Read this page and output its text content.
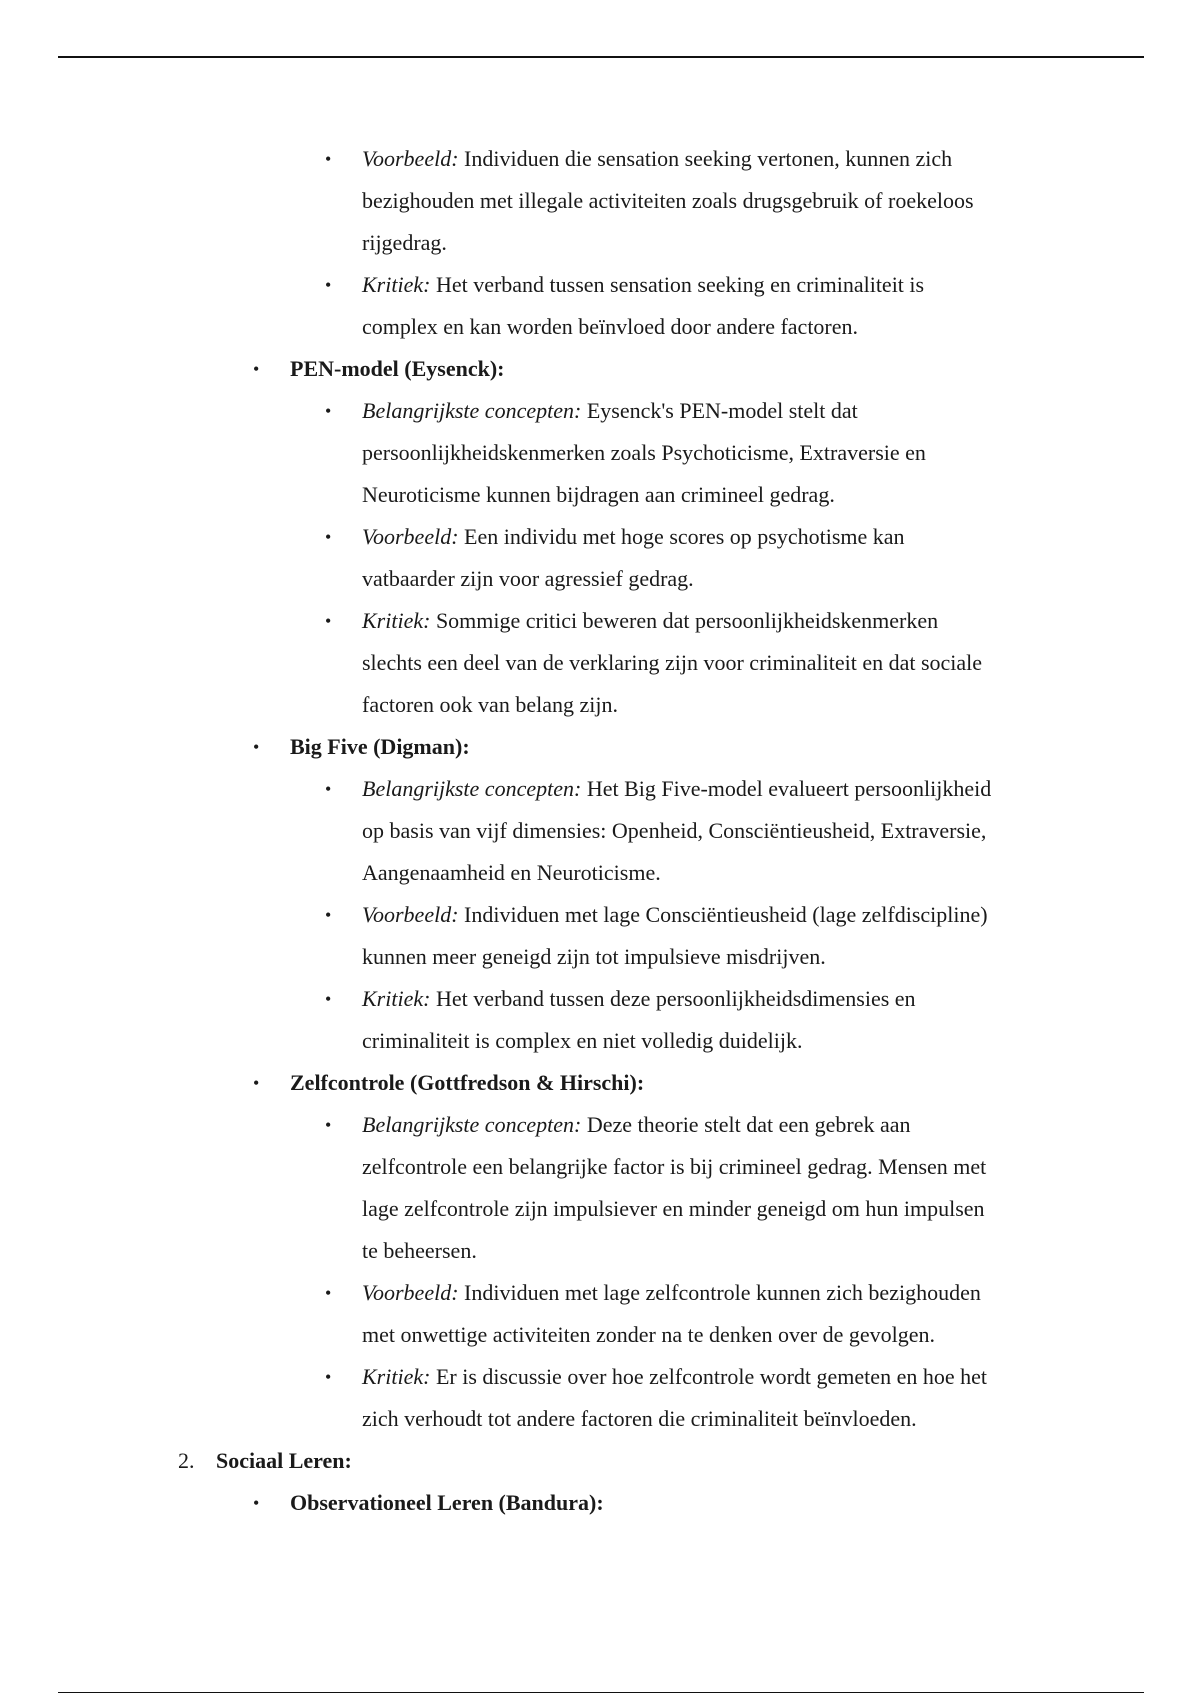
• Voorbeeld: Individuen die sensation seeking vertonen, kunnen zich
bezighouden met illegale activiteiten zoals drugsgebruik of roekeloos
rijgedrag.
• Kritiek: Het verband tussen sensation seeking en criminaliteit is
complex en kan worden beïnvloed door andere factoren.
• PEN-model (Eysenck):
• Belangrijkste concepten: Eysenck's PEN-model stelt dat
persoonlijkheidskenmerken zoals Psychoticisme, Extraversie en
Neuroticisme kunnen bijdragen aan crimineel gedrag.
• Voorbeeld: Een individu met hoge scores op psychotisme kan
vatbaarder zijn voor agressief gedrag.
• Kritiek: Sommige critici beweren dat persoonlijkheidskenmerken
slechts een deel van de verklaring zijn voor criminaliteit en dat sociale
factoren ook van belang zijn.
• Big Five (Digman):
• Belangrijkste concepten: Het Big Five-model evalueert persoonlijkheid
op basis van vijf dimensies: Openheid, Consciëntieusheid, Extraversie,
Aangenaamheid en Neuroticisme.
• Voorbeeld: Individuen met lage Consciëntieusheid (lage zelfdiscipline)
kunnen meer geneigd zijn tot impulsieve misdrijven.
• Kritiek: Het verband tussen deze persoonlijkheidsdimensies en
criminaliteit is complex en niet volledig duidelijk.
• Zelfcontrole (Gottfredson & Hirschi):
• Belangrijkste concepten: Deze theorie stelt dat een gebrek aan
zelfcontrole een belangrijke factor is bij crimineel gedrag. Mensen met
lage zelfcontrole zijn impulsiever en minder geneigd om hun impulsen
te beheersen.
• Voorbeeld: Individuen met lage zelfcontrole kunnen zich bezighouden
met onwettige activiteiten zonder na te denken over de gevolgen.
• Kritiek: Er is discussie over hoe zelfcontrole wordt gemeten en hoe het
zich verhoudt tot andere factoren die criminaliteit beïnvloeden.
2. Sociaal Leren:
• Observationeel Leren (Bandura):
